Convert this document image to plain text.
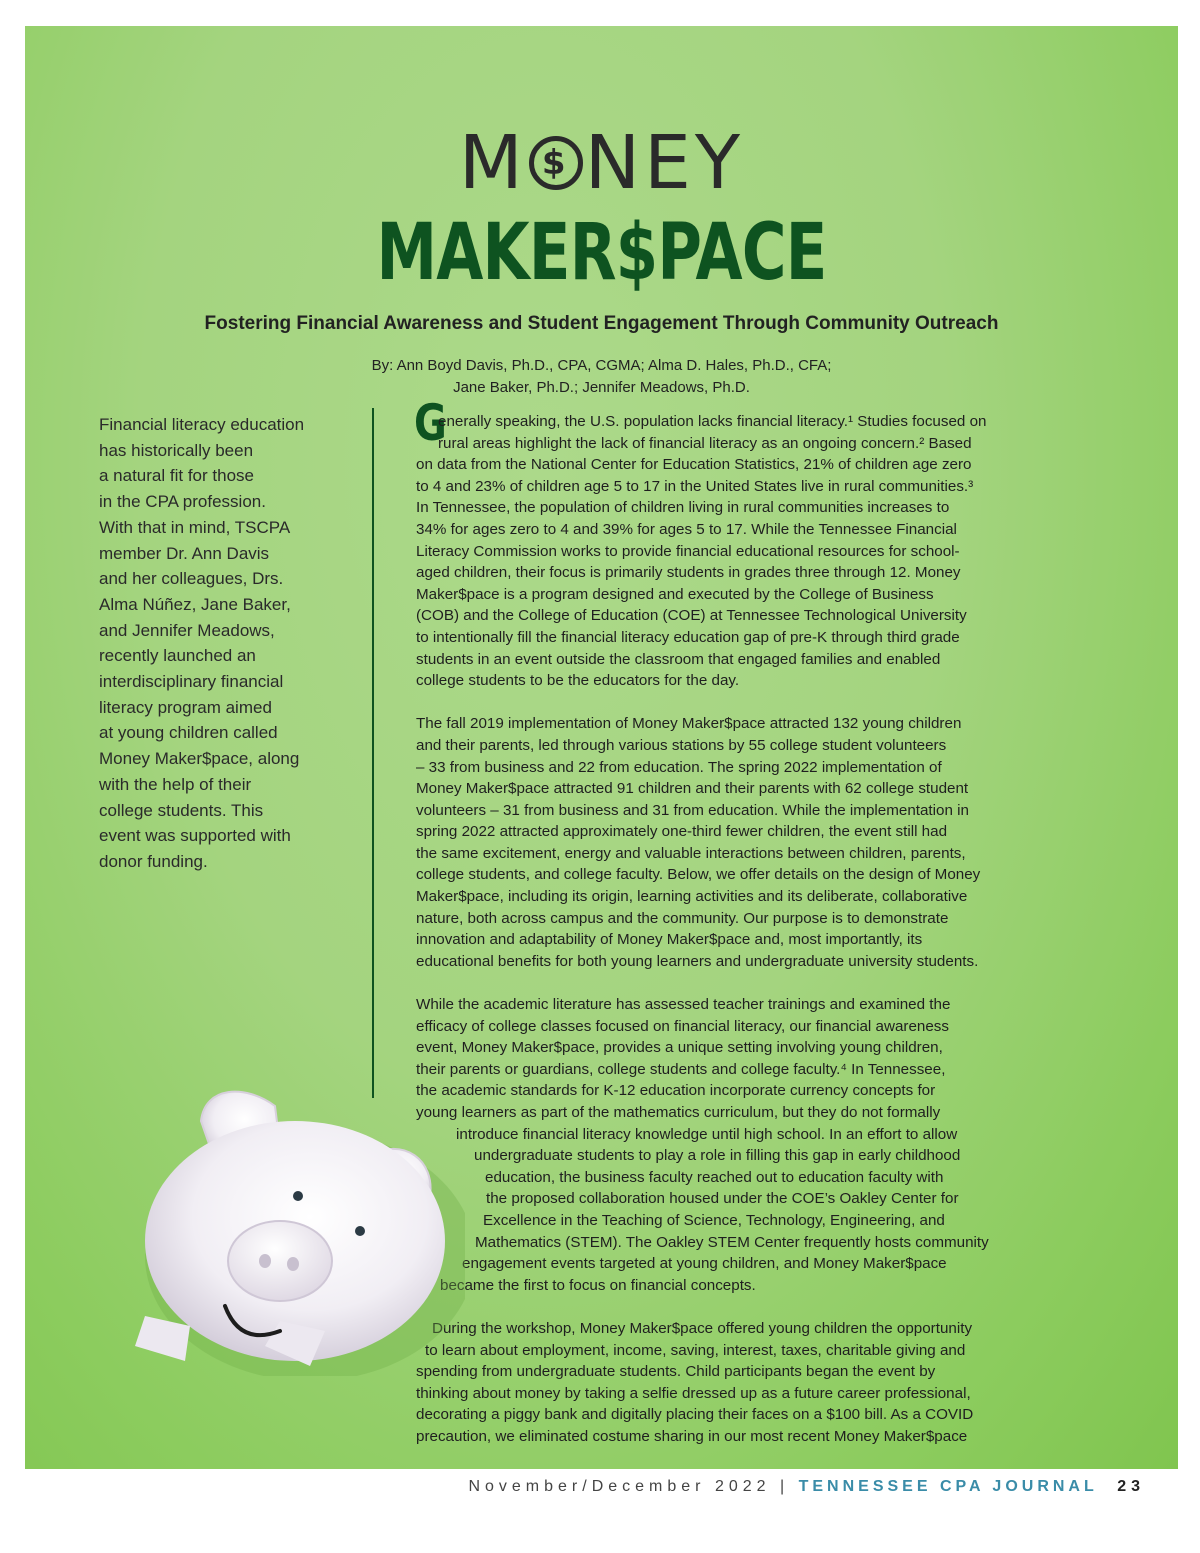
M $ NEY
MAKER$PACE
Fostering Financial Awareness and Student Engagement Through Community Outreach
By: Ann Boyd Davis, Ph.D., CPA, CGMA; Alma D. Hales, Ph.D., CFA;
Jane Baker, Ph.D.; Jennifer Meadows, Ph.D.
Financial literacy education
has historically been
a natural fit for those
in the CPA profession.
With that in mind, TSCPA
member Dr. Ann Davis
and her colleagues, Drs.
Alma Núñez, Jane Baker,
and Jennifer Meadows,
recently launched an
interdisciplinary financial
literacy program aimed
at young children called
Money Maker$pace, along
with the help of their
college students. This
event was supported with
donor funding.
G
enerally speaking, the U.S. population lacks financial literacy.¹ Studies focused on
rural areas highlight the lack of financial literacy as an ongoing concern.² Based
on data from the National Center for Education Statistics, 21% of children age zero
to 4 and 23% of children age 5 to 17 in the United States live in rural communities.³
In Tennessee, the population of children living in rural communities increases to
34% for ages zero to 4 and 39% for ages 5 to 17. While the Tennessee Financial
Literacy Commission works to provide financial educational resources for school-
aged children, their focus is primarily students in grades three through 12. Money
Maker$pace is a program designed and executed by the College of Business
(COB) and the College of Education (COE) at Tennessee Technological University
to intentionally fill the financial literacy education gap of pre-K through third grade
students in an event outside the classroom that engaged families and enabled
college students to be the educators for the day.
The fall 2019 implementation of Money Maker$pace attracted 132 young children
and their parents, led through various stations by 55 college student volunteers
– 33 from business and 22 from education. The spring 2022 implementation of
Money Maker$pace attracted 91 children and their parents with 62 college student
volunteers – 31 from business and 31 from education. While the implementation in
spring 2022 attracted approximately one-third fewer children, the event still had
the same excitement, energy and valuable interactions between children, parents,
college students, and college faculty. Below, we offer details on the design of Money
Maker$pace, including its origin, learning activities and its deliberate, collaborative
nature, both across campus and the community. Our purpose is to demonstrate
innovation and adaptability of Money Maker$pace and, most importantly, its
educational benefits for both young learners and undergraduate university students.
While the academic literature has assessed teacher trainings and examined the
efficacy of college classes focused on financial literacy, our financial awareness
event, Money Maker$pace, provides a unique setting involving young children,
their parents or guardians, college students and college faculty.⁴ In Tennessee,
the academic standards for K-12 education incorporate currency concepts for
young learners as part of the mathematics curriculum, but they do not formally
introduce financial literacy knowledge until high school. In an effort to allow
undergraduate students to play a role in filling this gap in early childhood
education, the business faculty reached out to education faculty with
the proposed collaboration housed under the COE’s Oakley Center for
Excellence in the Teaching of Science, Technology, Engineering, and
Mathematics (STEM). The Oakley STEM Center frequently hosts community
engagement events targeted at young children, and Money Maker$pace
became the first to focus on financial concepts.
During the workshop, Money Maker$pace offered young children the opportunity
to learn about employment, income, saving, interest, taxes, charitable giving and
spending from undergraduate students. Child participants began the event by
thinking about money by taking a selfie dressed up as a future career professional,
decorating a piggy bank and digitally placing their faces on a $100 bill. As a COVID
precaution, we eliminated costume sharing in our most recent Money Maker$pace
November/December 2022 | TENNESSEE CPA JOURNAL 23
